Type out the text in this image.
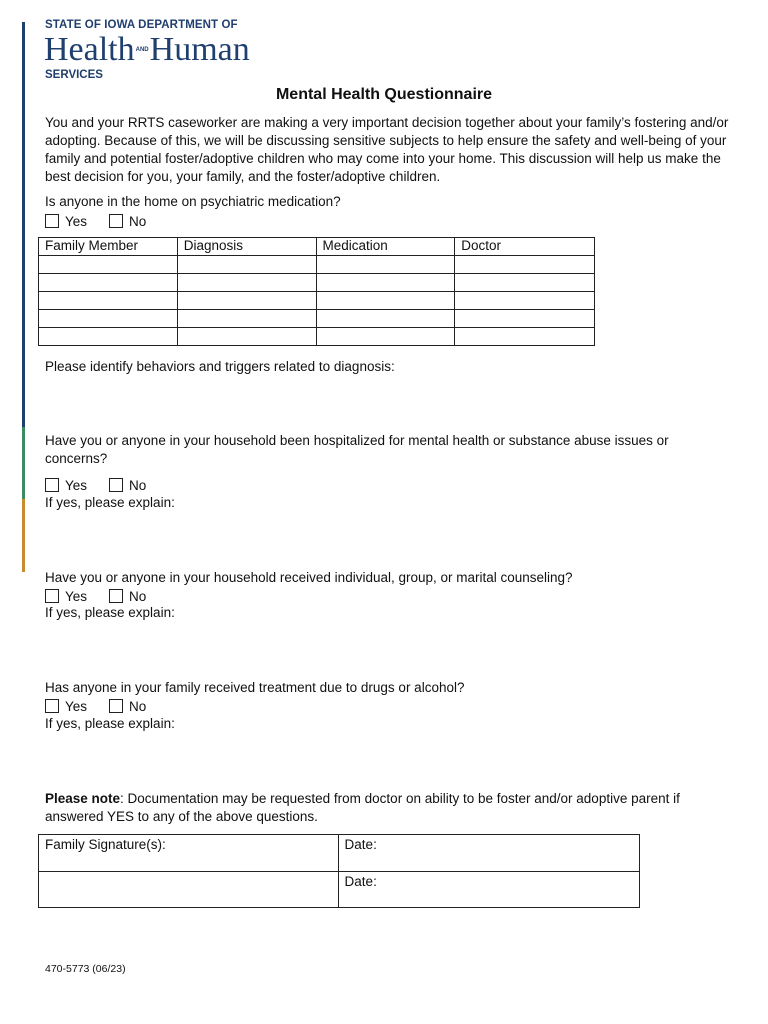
STATE OF IOWA DEPARTMENT OF
HealthANDHuman
SERVICES
Mental Health Questionnaire
You and your RRTS caseworker are making a very important decision together about your family’s fostering and/or adopting. Because of this, we will be discussing sensitive subjects to help ensure the safety and well-being of your family and potential foster/adoptive children who may come into your home. This discussion will help us make the best decision for you, your family, and the foster/adoptive children.
Is anyone in the home on psychiatric medication?
Yes	No
Family Member	Diagnosis	Medication	Doctor

Please identify behaviors and triggers related to diagnosis:
Have you or anyone in your household been hospitalized for mental health or substance abuse issues or
concerns?
Yes	No
If yes, please explain:
Have you or anyone in your household received individual, group, or marital counseling?
Yes	No
If yes, please explain:
Has anyone in your family received treatment due to drugs or alcohol?
Yes	No
If yes, please explain:
Please note: Documentation may be requested from doctor on ability to be foster and/or adoptive parent if answered YES to any of the above questions.
Family Signature(s):	Date:
	Date:
470-5773 (06/23)
